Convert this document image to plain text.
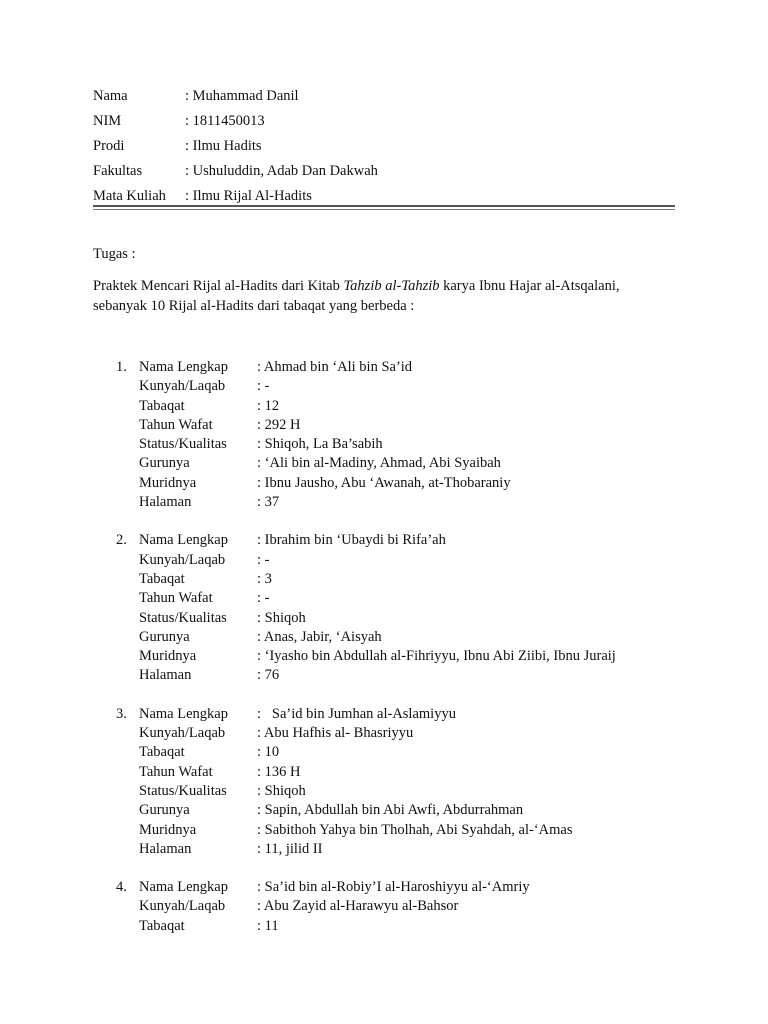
Nama	: Muhammad Danil
NIM	: 1811450013
Prodi	: Ilmu Hadits
Fakultas	: Ushuluddin, Adab Dan Dakwah
Mata Kuliah : Ilmu Rijal Al-Hadits
Tugas :

Praktek Mencari Rijal al-Hadits dari Kitab Tahzib al-Tahzib karya Ibnu Hajar al-Atsqalani,

sebanyak 10 Rijal al-Hadits dari tabaqat yang berbeda :

1. Nama Lengkap : Ahmad bin ‘Ali bin Sa’id
Kunyah/Laqab : -
Tabaqat	: 12
Tahun Wafat	: 292 H
Status/Kualitas : Shiqoh, La Ba’sabih
Gurunya	: ‘Ali bin al-Madiny, Ahmad, Abi Syaibah
Muridnya	: Ibnu Jausho, Abu ‘Awanah, at-Thobaraniy
Halaman	: 37
2. Nama Lengkap : Ibrahim bin ‘Ubaydi bi Rifa’ah
Kunyah/Laqab : -
Tabaqat	: 3
Tahun Wafat	: -
Status/Kualitas : Shiqoh
Gurunya	: Anas, Jabir, ‘Aisyah
Muridnya	: ‘Iyasho bin Abdullah al-Fihriyyu, Ibnu Abi Ziibi, Ibnu Juraij
Halaman	: 76
3. Nama Lengkap :   Sa’id bin Jumhan al-Aslamiyyu
Kunyah/Laqab : Abu Hafhis al- Bhasriyyu
Tabaqat	: 10
Tahun Wafat	: 136 H
Status/Kualitas : Shiqoh
Gurunya	: Sapin, Abdullah bin Abi Awfi, Abdurrahman
Muridnya	: Sabithoh Yahya bin Tholhah, Abi Syahdah, al-‘Amas
Halaman	: 11, jilid II
4. Nama Lengkap : Sa’id bin al-Robiy’I al-Haroshiyyu al-‘Amriy
Kunyah/Laqab : Abu Zayid al-Harawyu al-Bahsor
Tabaqat	: 11
